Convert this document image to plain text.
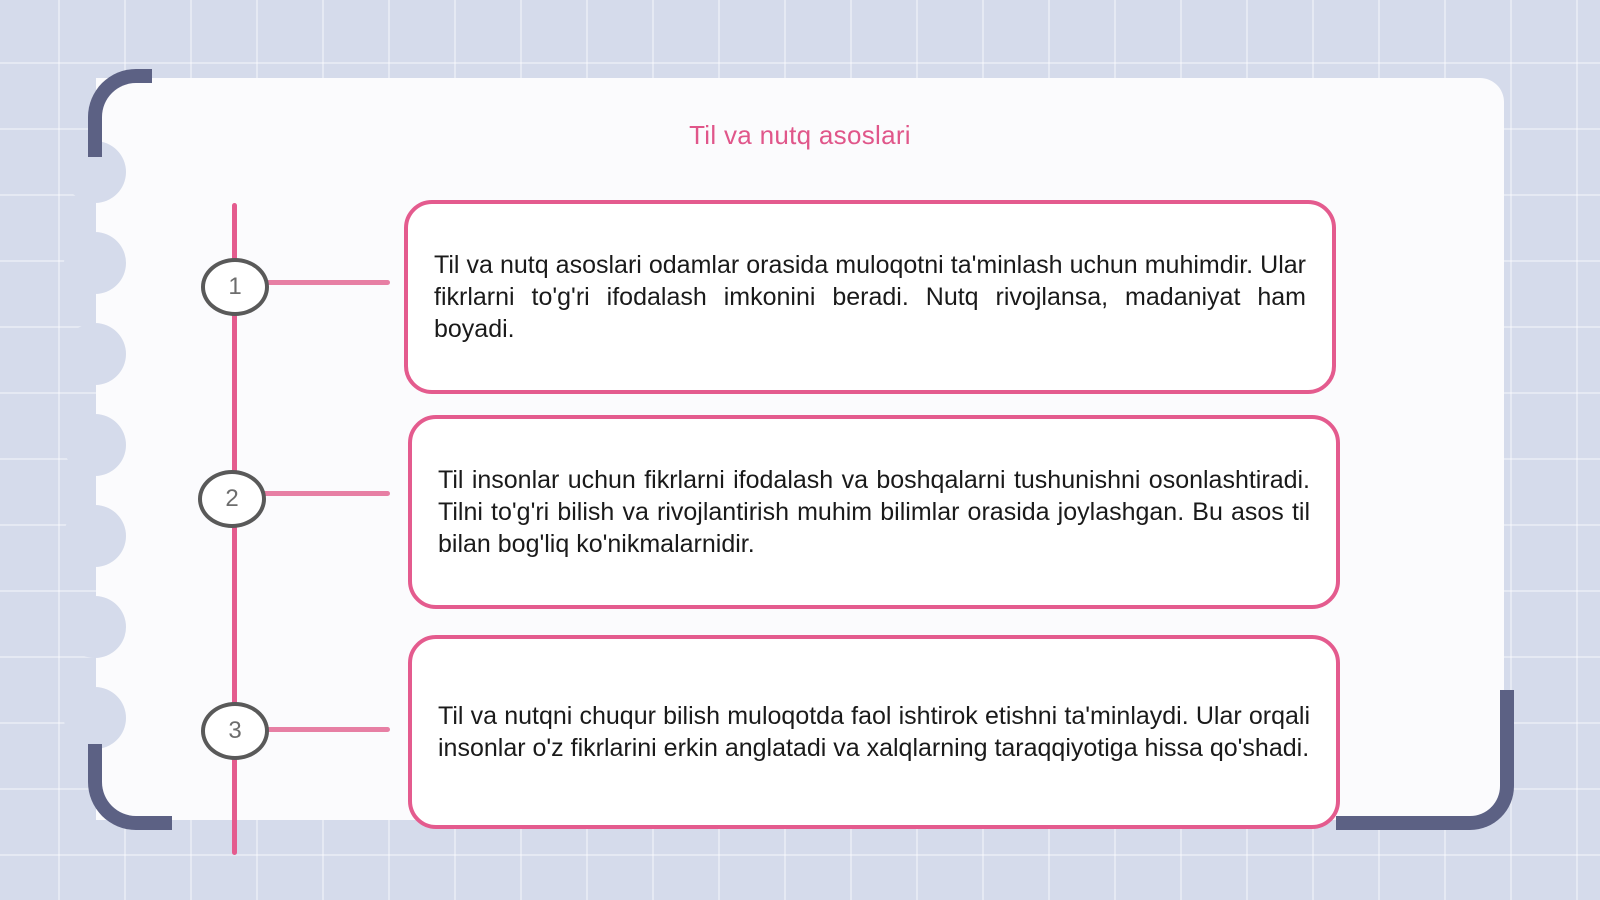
Til va nutq asoslari
1
2
3

Til va nutq asoslari odamlar orasida muloqotni ta'minlash uchun muhimdir. Ular fikrlarni to'g'ri ifodalash imkonini beradi. Nutq rivojlansa, madaniyat ham boyadi.

Til insonlar uchun fikrlarni ifodalash va boshqalarni tushunishni osonlashtiradi. Tilni to'g'ri bilish va rivojlantirish muhim bilimlar orasida joylashgan. Bu asos til bilan bog'liq ko'nikmalarnidir.

Til va nutqni chuqur bilish muloqotda faol ishtirok etishni ta'minlaydi. Ular orqali insonlar o'z fikrlarini erkin anglatadi va xalqlarning taraqqiyotiga hissa qo'shadi.
